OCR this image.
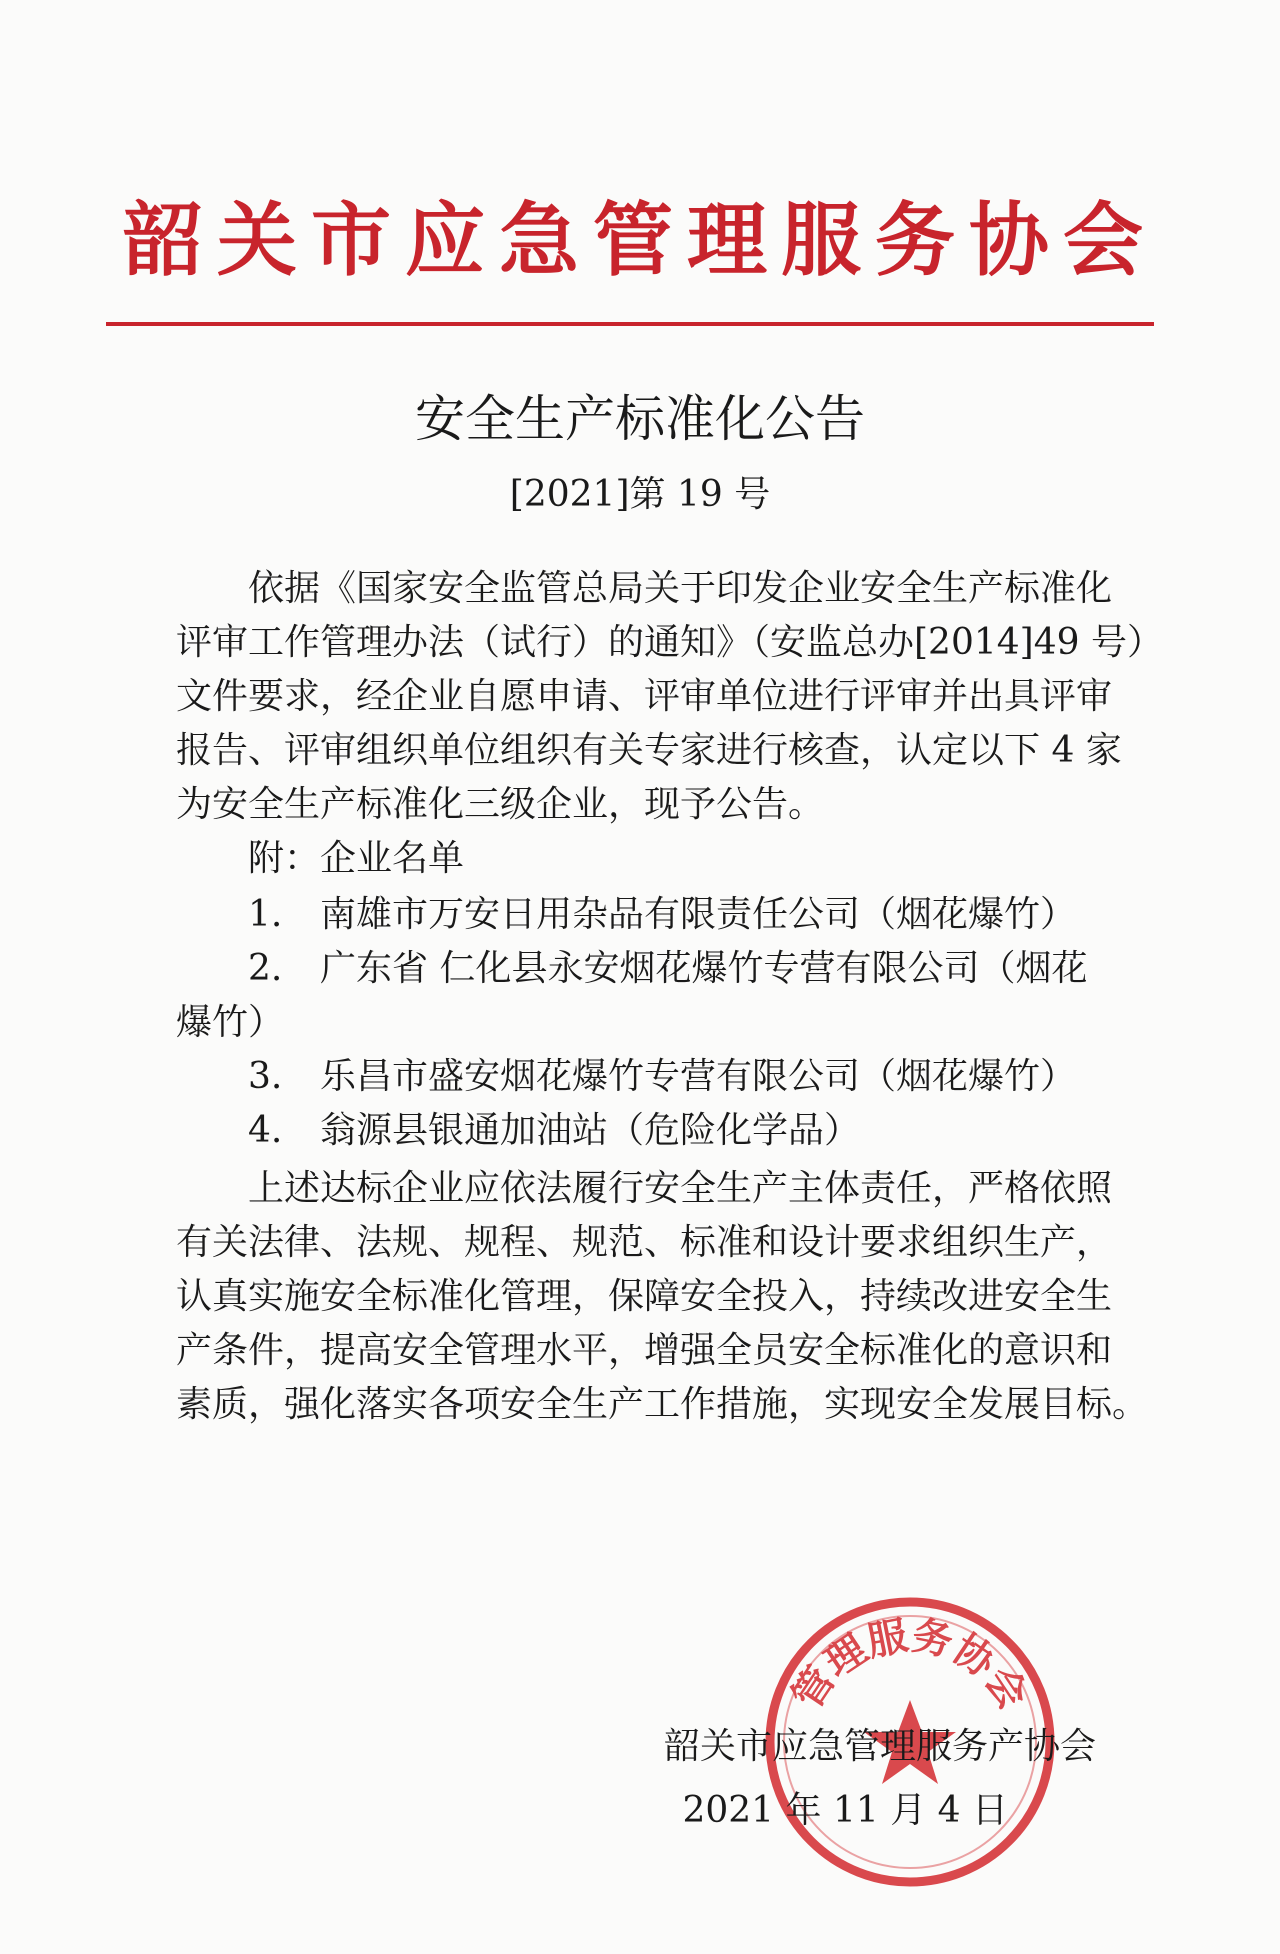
韶关市应急管理服务协会
安全生产标准化公告
[2021]第 19 号
依据《国家安全监管总局关于印发企业安全生产标准化
评审工作管理办法（试行）的通知》（安监总办[2014]49 号）
文件要求，经企业自愿申请、评审单位进行评审并出具评审
报告、评审组织单位组织有关专家进行核查，认定以下 4 家
为安全生产标准化三级企业，现予公告。
附：企业名单
1. 南雄市万安日用杂品有限责任公司（烟花爆竹）
2. 广东省 仁化县永安烟花爆竹专营有限公司（烟花
爆竹）
3. 乐昌市盛安烟花爆竹专营有限公司（烟花爆竹）
4. 翁源县银通加油站（危险化学品）
上述达标企业应依法履行安全生产主体责任，严格依照
有关法律、法规、规程、规范、标准和设计要求组织生产，
认真实施安全标准化管理，保障安全投入，持续改进安全生
产条件，提高安全管理水平，增强全员安全标准化的意识和
素质，强化落实各项安全生产工作措施，实现安全发展目标。
管理服务协会
韶关市应急管理服务产协会
2021 年 11 月 4 日
